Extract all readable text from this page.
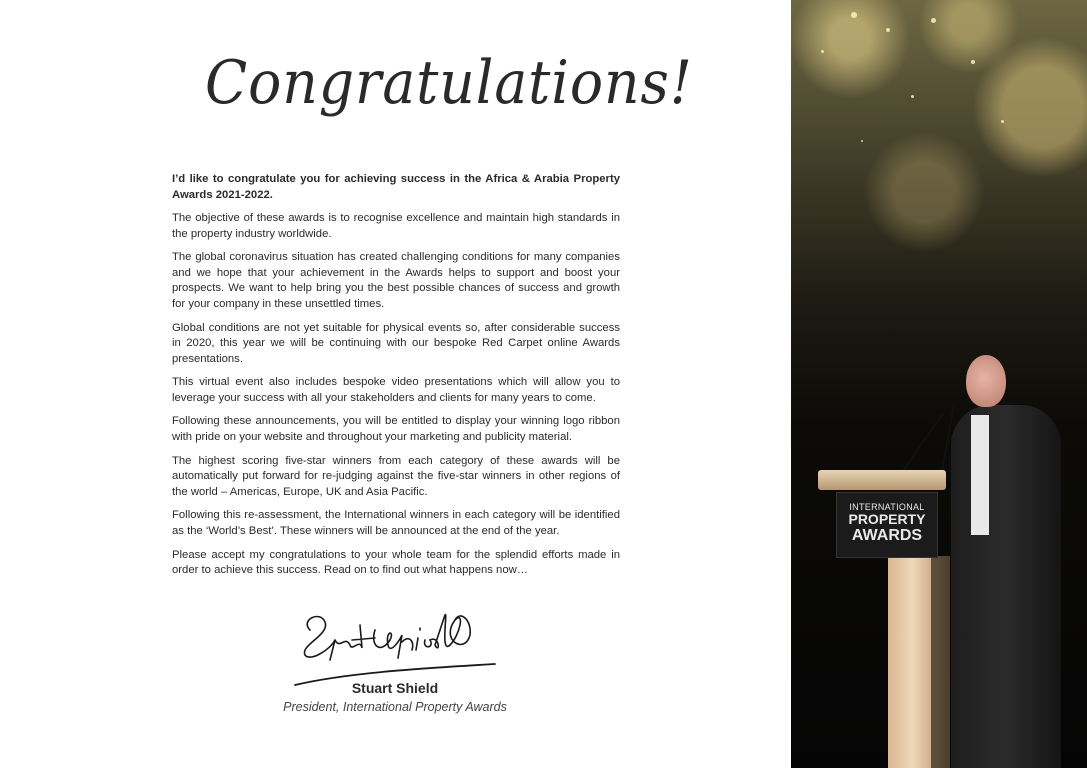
Congratulations!

I’d like to congratulate you for achieving success in the Africa & Arabia Property Awards 2021-2022.

The objective of these awards is to recognise excellence and maintain high standards in the property industry worldwide.

The global coronavirus situation has created challenging conditions for many companies and we hope that your achievement in the Awards helps to support and boost your prospects. We want to help bring you the best possible chances of success and growth for your company in these unsettled times.

Global conditions are not yet suitable for physical events so, after considerable success in 2020, this year we will be continuing with our bespoke Red Carpet online Awards presentations.

This virtual event also includes bespoke video presentations which will allow you to leverage your success with all your stakeholders and clients for many years to come.

Following these announcements, you will be entitled to display your winning logo ribbon with pride on your website and throughout your marketing and publicity material.

The highest scoring five-star winners from each category of these awards will be automatically put forward for re-judging against the five-star winners in other regions of the world – Americas, Europe, UK and Asia Pacific.

Following this re-assessment, the International winners in each category will be identified as the ‘World’s Best’. These winners will be announced at the end of the year.

Please accept my congratulations to your whole team for the splendid efforts made in order to achieve this success. Read on to find out what happens now…

Stuart Shield
President, International Property Awards
INTERNATIONAL
PROPERTY
AWARDS
